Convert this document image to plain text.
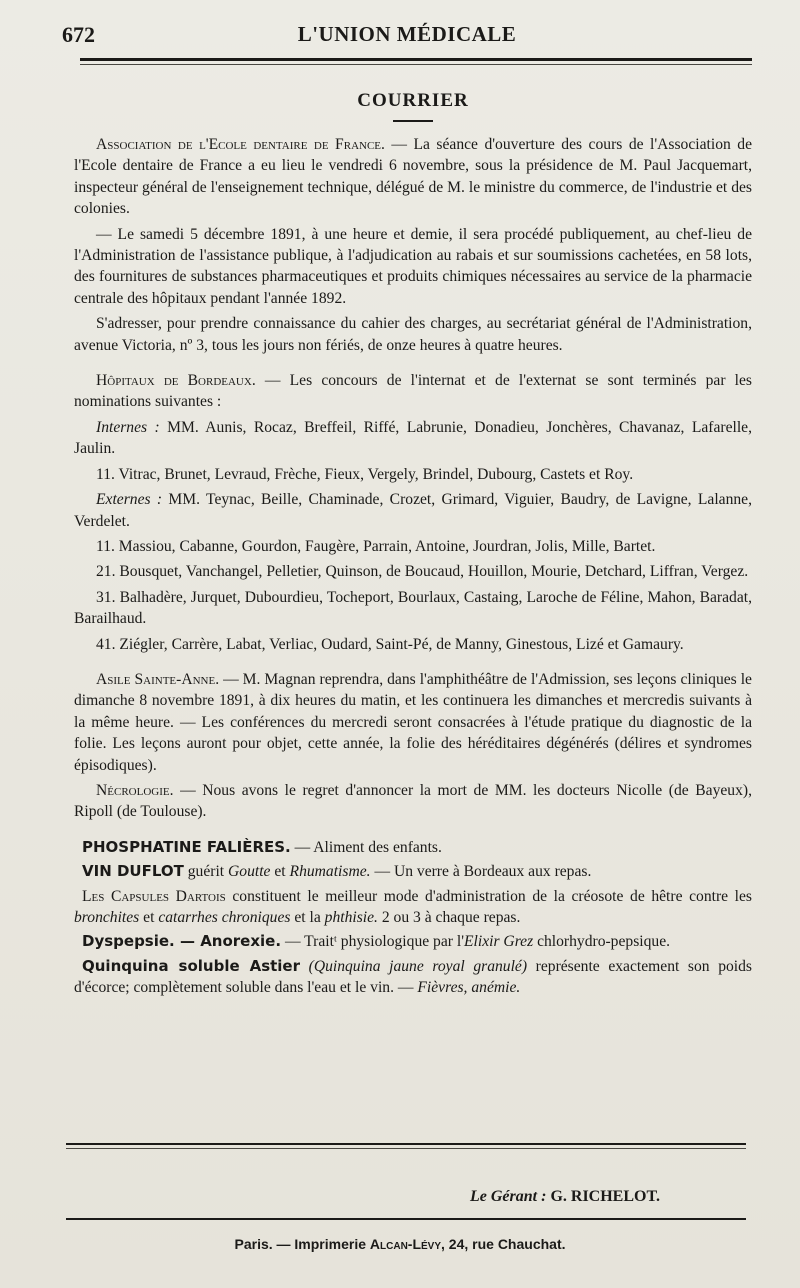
672	L'UNION MÉDICALE
COURRIER

Association de l'Ecole dentaire de France. — La séance d'ouverture des cours de l'Association de l'Ecole dentaire de France a eu lieu le vendredi 6 novembre, sous la présidence de M. Paul Jacquemart, inspecteur général de l'enseignement technique, délégué de M. le ministre du commerce, de l'industrie et des colonies.

— Le samedi 5 décembre 1891, à une heure et demie, il sera procédé publiquement, au chef-lieu de l'Administration de l'assistance publique, à l'adjudication au rabais et sur soumissions cachetées, en 58 lots, des fournitures de substances pharmaceutiques et produits chimiques nécessaires au service de la pharmacie centrale des hôpitaux pendant l'année 1892.

S'adresser, pour prendre connaissance du cahier des charges, au secrétariat général de l'Administration, avenue Victoria, nº 3, tous les jours non fériés, de onze heures à quatre heures.

Hôpitaux de Bordeaux. — Les concours de l'internat et de l'externat se sont terminés par les nominations suivantes :

Internes : MM. Aunis, Rocaz, Breffeil, Riffé, Labrunie, Donadieu, Jonchères, Chavanaz, Lafarelle, Jaulin.

11. Vitrac, Brunet, Levraud, Frèche, Fieux, Vergely, Brindel, Dubourg, Castets et Roy.

Externes : MM. Teynac, Beille, Chaminade, Crozet, Grimard, Viguier, Baudry, de Lavigne, Lalanne, Verdelet.

11. Massiou, Cabanne, Gourdon, Faugère, Parrain, Antoine, Jourdran, Jolis, Mille, Bartet.

21. Bousquet, Vanchangel, Pelletier, Quinson, de Boucaud, Houillon, Mourie, Detchard, Liffran, Vergez.

31. Balhadère, Jurquet, Dubourdieu, Tocheport, Bourlaux, Castaing, Laroche de Féline, Mahon, Baradat, Barailhaud.

41. Ziégler, Carrère, Labat, Verliac, Oudard, Saint-Pé, de Manny, Ginestous, Lizé et Gamaury.

Asile Sainte-Anne. — M. Magnan reprendra, dans l'amphithéâtre de l'Admission, ses leçons cliniques le dimanche 8 novembre 1891, à dix heures du matin, et les continuera les dimanches et mercredis suivants à la même heure. — Les conférences du mercredi seront consacrées à l'étude pratique du diagnostic de la folie. Les leçons auront pour objet, cette année, la folie des héréditaires dégénérés (délires et syndromes épisodiques).

Nécrologie. — Nous avons le regret d'annoncer la mort de MM. les docteurs Nicolle (de Bayeux), Ripoll (de Toulouse).

PHOSPHATINE FALIÈRES. — Aliment des enfants.

VIN DUFLOT guérit Goutte et Rhumatisme. — Un verre à Bordeaux aux repas.

Les Capsules Dartois constituent le meilleur mode d'administration de la créosote de hêtre contre les bronchites et catarrhes chroniques et la phthisie. 2 ou 3 à chaque repas.

Dyspepsie. — Anorexie. — Traitᵗ physiologique par l'Elixir Grez chlorhydro-pepsique.

Quinquina soluble Astier (Quinquina jaune royal granulé) représente exactement son poids d'écorce; complètement soluble dans l'eau et le vin. — Fièvres, anémie.

Le Gérant : G. RICHELOT.
Paris. — Imprimerie Alcan-Lévy, 24, rue Chauchat.
